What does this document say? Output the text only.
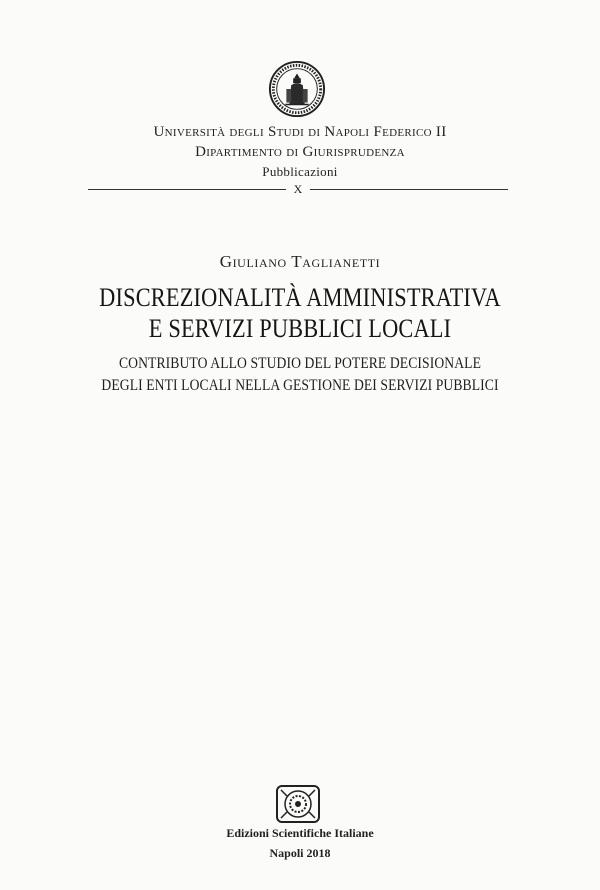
Università degli Studi di Napoli Federico II
Dipartimento di Giurisprudenza
Pubblicazioni
X
Giuliano Taglianetti
DISCREZIONALITÀ AMMINISTRATIVA
E SERVIZI PUBBLICI LOCALI
CONTRIBUTO ALLO STUDIO DEL POTERE DECISIONALE
DEGLI ENTI LOCALI NELLA GESTIONE DEI SERVIZI PUBBLICI
Edizioni Scientifiche Italiane
Napoli 2018
